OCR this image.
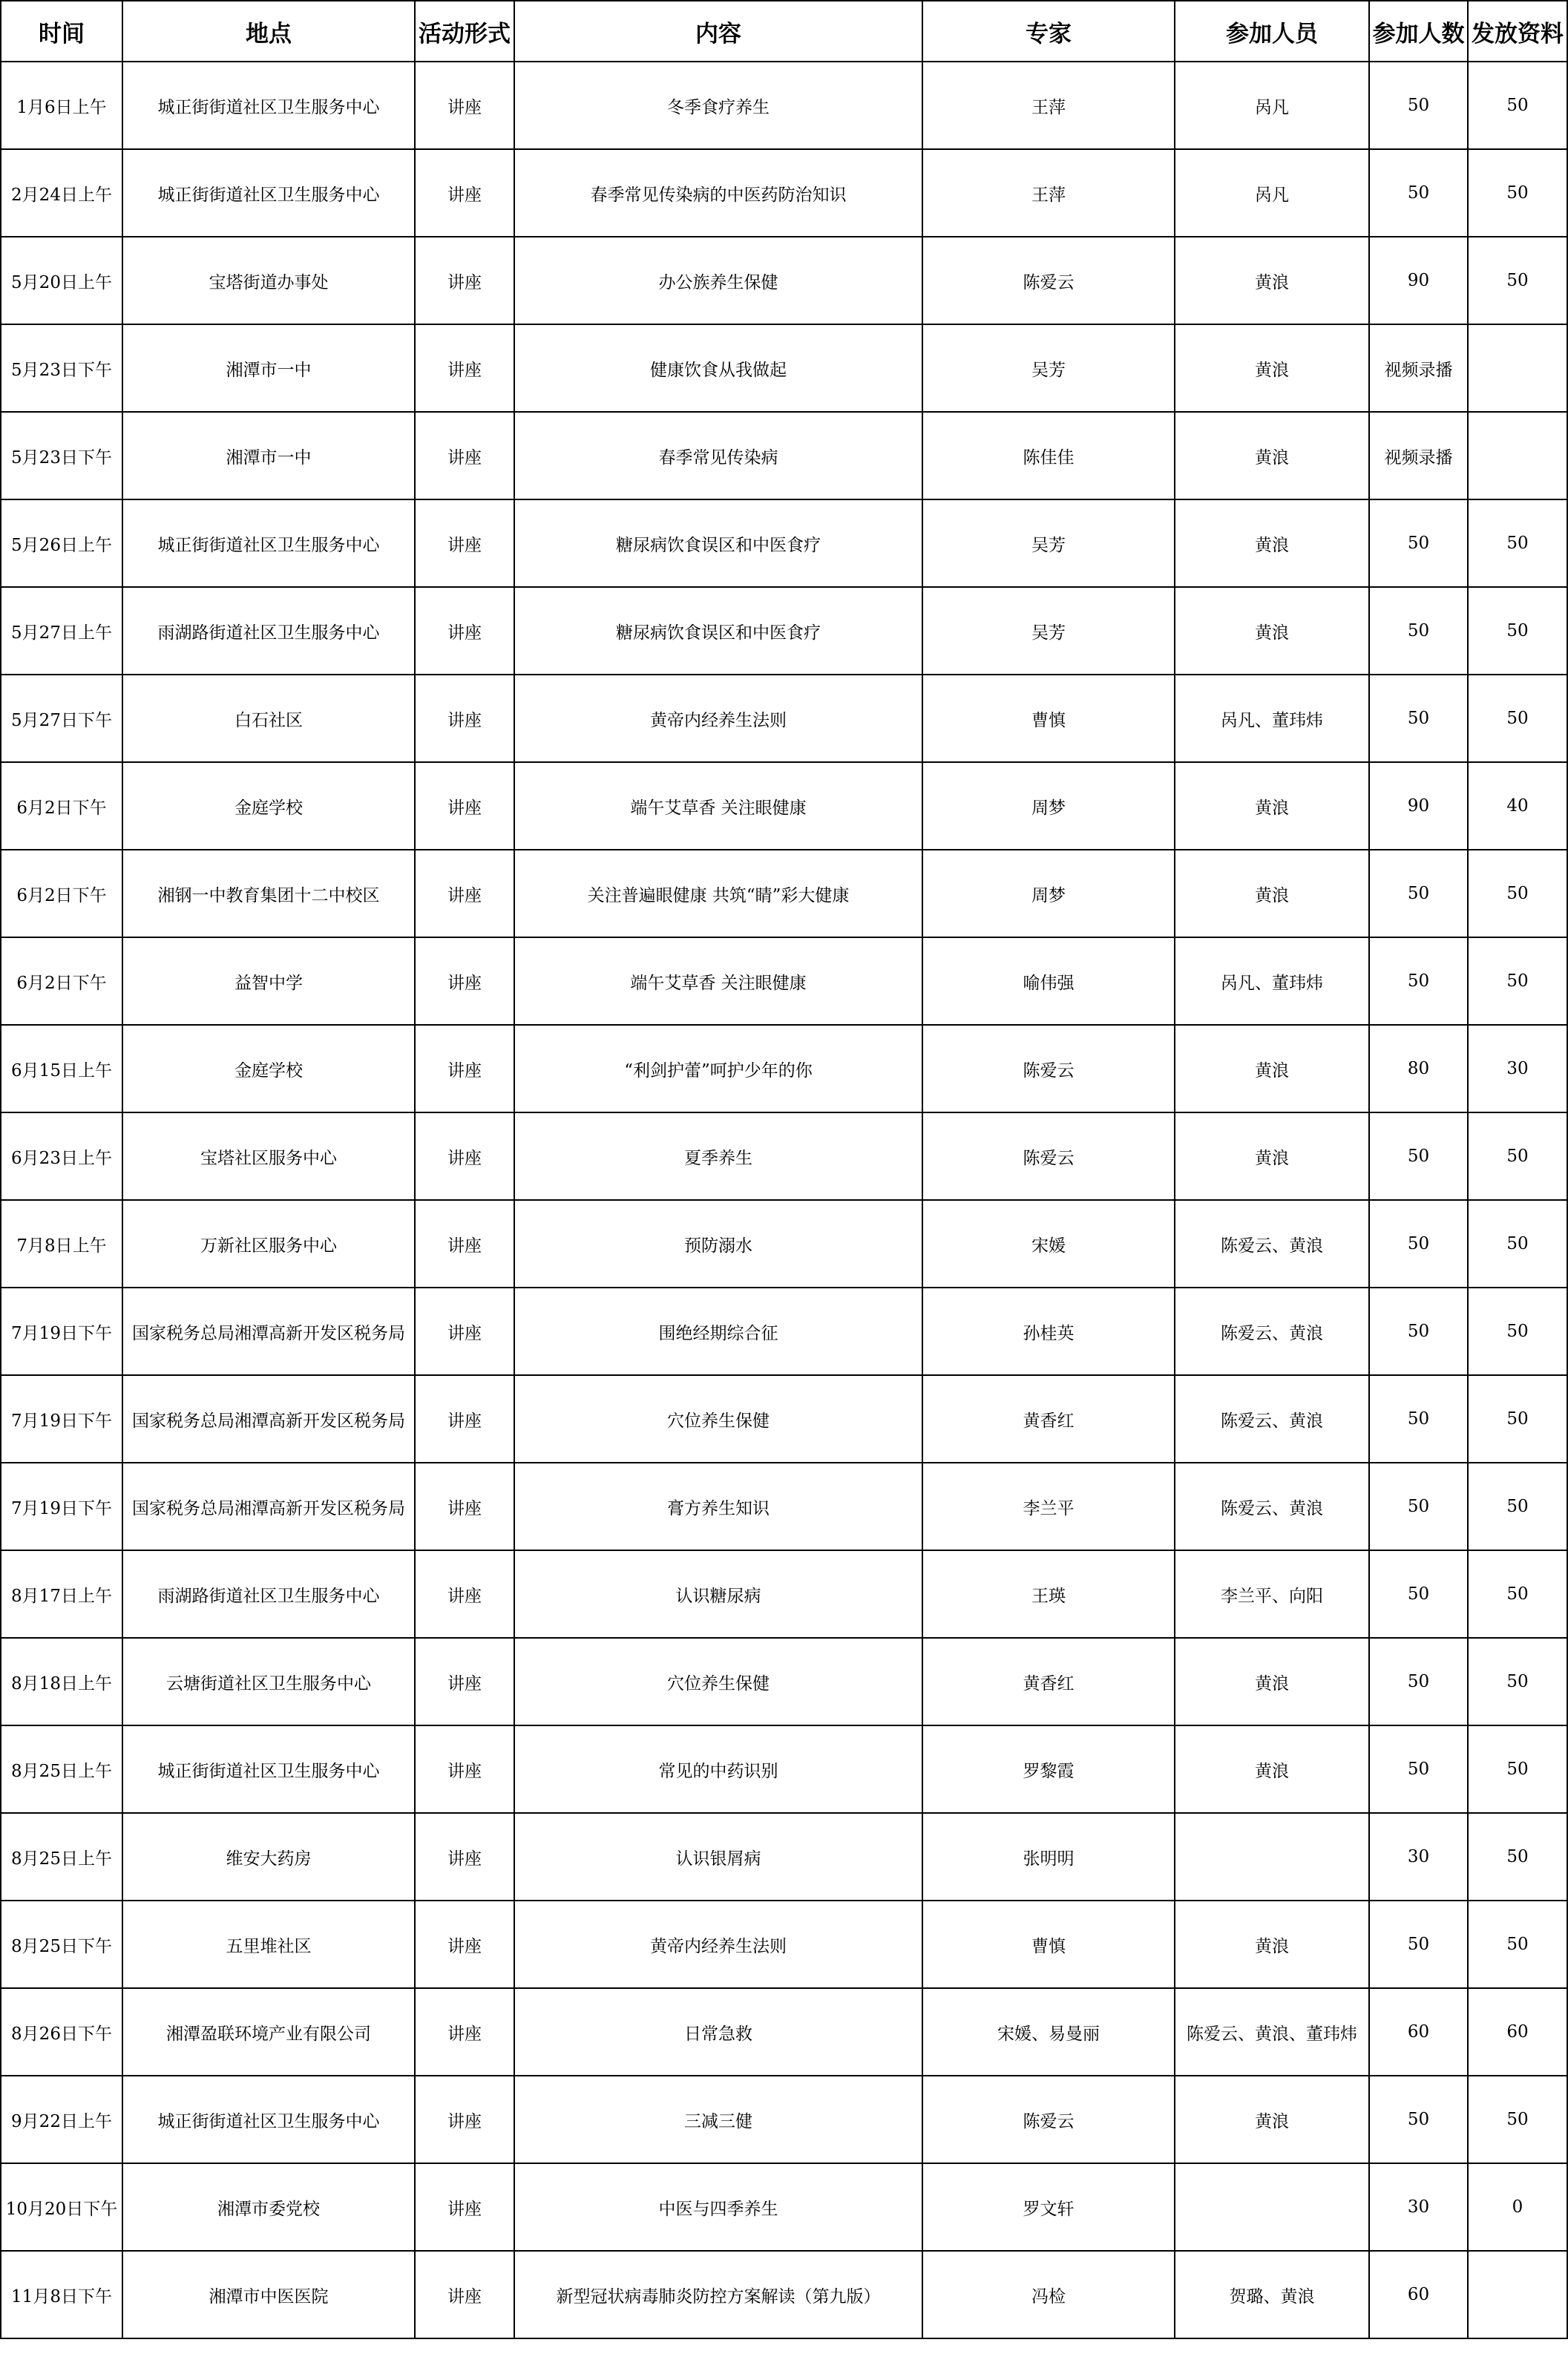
时间	地点	活动形式	内容	专家	参加人员	参加人数	发放资料
1月6日上午	城正街街道社区卫生服务中心	讲座	冬季食疗养生	王萍	呙凡	50	50
2月24日上午	城正街街道社区卫生服务中心	讲座	春季常见传染病的中医药防治知识	王萍	呙凡	50	50
5月20日上午	宝塔街道办事处	讲座	办公族养生保健	陈爱云	黄浪	90	50
5月23日下午	湘潭市一中	讲座	健康饮食从我做起	吴芳	黄浪	视频录播	
5月23日下午	湘潭市一中	讲座	春季常见传染病	陈佳佳	黄浪	视频录播	
5月26日上午	城正街街道社区卫生服务中心	讲座	糖尿病饮食误区和中医食疗	吴芳	黄浪	50	50
5月27日上午	雨湖路街道社区卫生服务中心	讲座	糖尿病饮食误区和中医食疗	吴芳	黄浪	50	50
5月27日下午	白石社区	讲座	黄帝内经养生法则	曹慎	呙凡、董玮炜	50	50
6月2日下午	金庭学校	讲座	端午艾草香 关注眼健康	周梦	黄浪	90	40
6月2日下午	湘钢一中教育集团十二中校区	讲座	关注普遍眼健康 共筑“睛”彩大健康	周梦	黄浪	50	50
6月2日下午	益智中学	讲座	端午艾草香 关注眼健康	喻伟强	呙凡、董玮炜	50	50
6月15日上午	金庭学校	讲座	“利剑护蕾”呵护少年的你	陈爱云	黄浪	80	30
6月23日上午	宝塔社区服务中心	讲座	夏季养生	陈爱云	黄浪	50	50
7月8日上午	万新社区服务中心	讲座	预防溺水	宋媛	陈爱云、黄浪	50	50
7月19日下午	国家税务总局湘潭高新开发区税务局	讲座	围绝经期综合征	孙桂英	陈爱云、黄浪	50	50
7月19日下午	国家税务总局湘潭高新开发区税务局	讲座	穴位养生保健	黄香红	陈爱云、黄浪	50	50
7月19日下午	国家税务总局湘潭高新开发区税务局	讲座	膏方养生知识	李兰平	陈爱云、黄浪	50	50
8月17日上午	雨湖路街道社区卫生服务中心	讲座	认识糖尿病	王瑛	李兰平、向阳	50	50
8月18日上午	云塘街道社区卫生服务中心	讲座	穴位养生保健	黄香红	黄浪	50	50
8月25日上午	城正街街道社区卫生服务中心	讲座	常见的中药识别	罗黎霞	黄浪	50	50
8月25日上午	维安大药房	讲座	认识银屑病	张明明		30	50
8月25日下午	五里堆社区	讲座	黄帝内经养生法则	曹慎	黄浪	50	50
8月26日下午	湘潭盈联环境产业有限公司	讲座	日常急救	宋媛、易曼丽	陈爱云、黄浪、董玮炜	60	60
9月22日上午	城正街街道社区卫生服务中心	讲座	三减三健	陈爱云	黄浪	50	50
10月20日下午	湘潭市委党校	讲座	中医与四季养生	罗文轩		30	0
11月8日下午	湘潭市中医医院	讲座	新型冠状病毒肺炎防控方案解读（第九版）	冯检	贺璐、黄浪	60	
